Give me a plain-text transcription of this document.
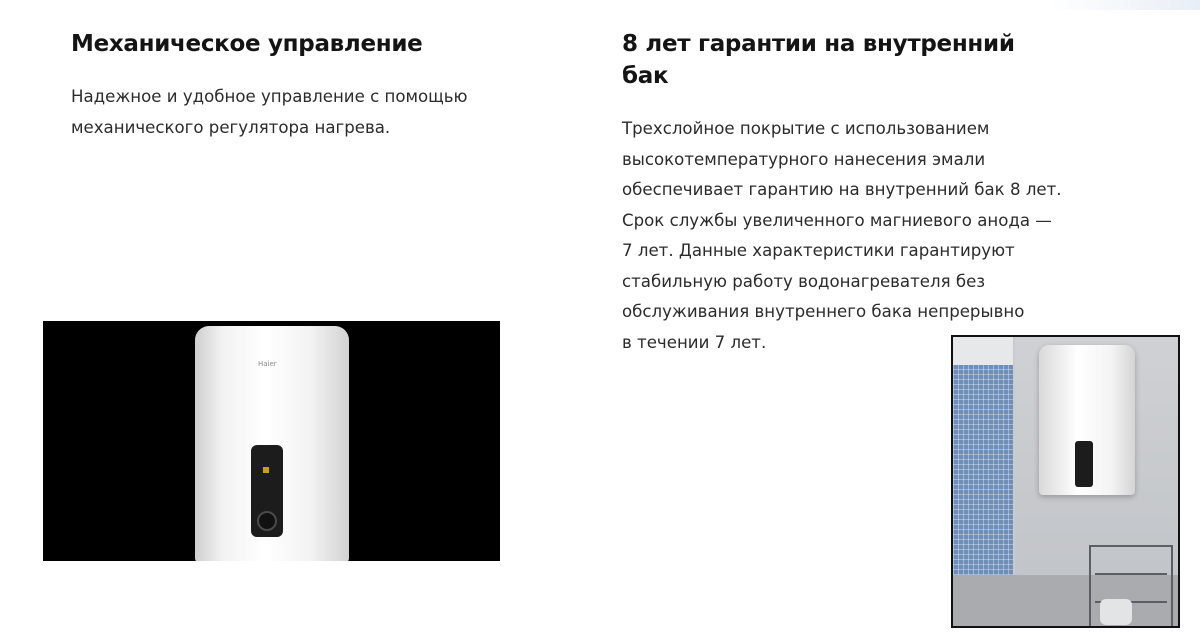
Механическое управление

Надежное и удобное управление с помощью
механического регулятора нагрева.

8 лет гарантии на внутренний
бак

Трехслойное покрытие с использованием
высокотемпературного нанесения эмали
обеспечивает гарантию на внутренний бак 8 лет.
Срок службы увеличенного магниевого анода —
7 лет. Данные характеристики гарантируют
стабильную работу водонагревателя без
обслуживания внутреннего бака непрерывно
в течении 7 лет.

Haier
